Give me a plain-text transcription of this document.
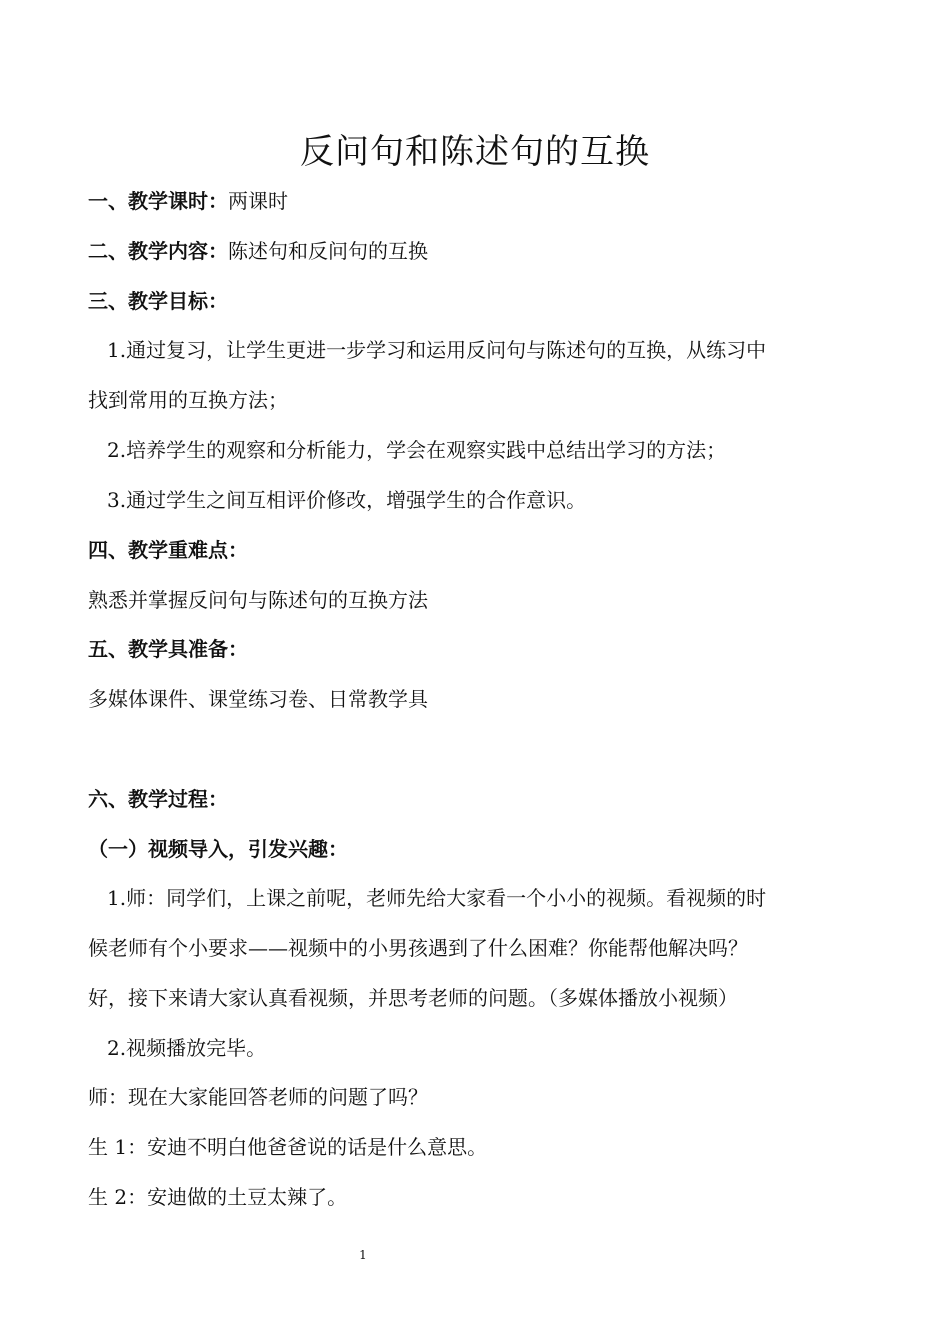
反问句和陈述句的互换
一、教学课时：两课时
二、教学内容：陈述句和反问句的互换
三、教学目标：
1.通过复习，让学生更进一步学习和运用反问句与陈述句的互换，从练习中
找到常用的互换方法；
2.培养学生的观察和分析能力，学会在观察实践中总结出学习的方法；
3.通过学生之间互相评价修改，增强学生的合作意识。
四、教学重难点：
熟悉并掌握反问句与陈述句的互换方法
五、教学具准备：
多媒体课件、课堂练习卷、日常教学具
六、教学过程：
（一）视频导入，引发兴趣：
1.师：同学们，上课之前呢，老师先给大家看一个小小的视频。看视频的时
候老师有个小要求——视频中的小男孩遇到了什么困难？你能帮他解决吗？
好，接下来请大家认真看视频，并思考老师的问题。（多媒体播放小视频）
2.视频播放完毕。
师：现在大家能回答老师的问题了吗？
生 1：安迪不明白他爸爸说的话是什么意思。
生 2：安迪做的土豆太辣了。
1
